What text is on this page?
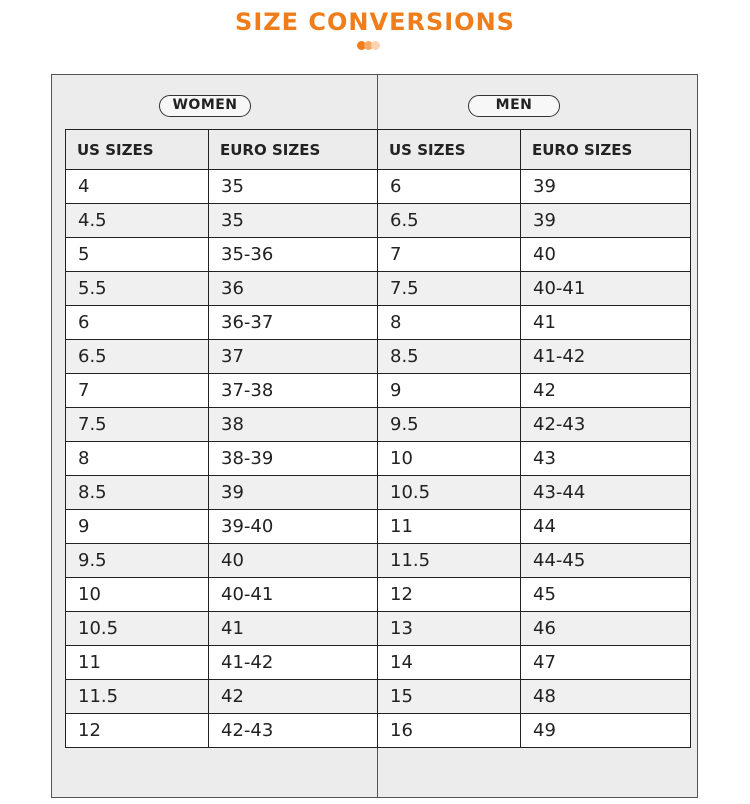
SIZE CONVERSIONS
WOMEN	MEN
US SIZES	EURO SIZES	US SIZES	EURO SIZES
4	35	6	39
4.5	35	6.5	39
5	35-36	7	40
5.5	36	7.5	40-41
6	36-37	8	41
6.5	37	8.5	41-42
7	37-38	9	42
7.5	38	9.5	42-43
8	38-39	10	43
8.5	39	10.5	43-44
9	39-40	11	44
9.5	40	11.5	44-45
10	40-41	12	45
10.5	41	13	46
11	41-42	14	47
11.5	42	15	48
12	42-43	16	49
